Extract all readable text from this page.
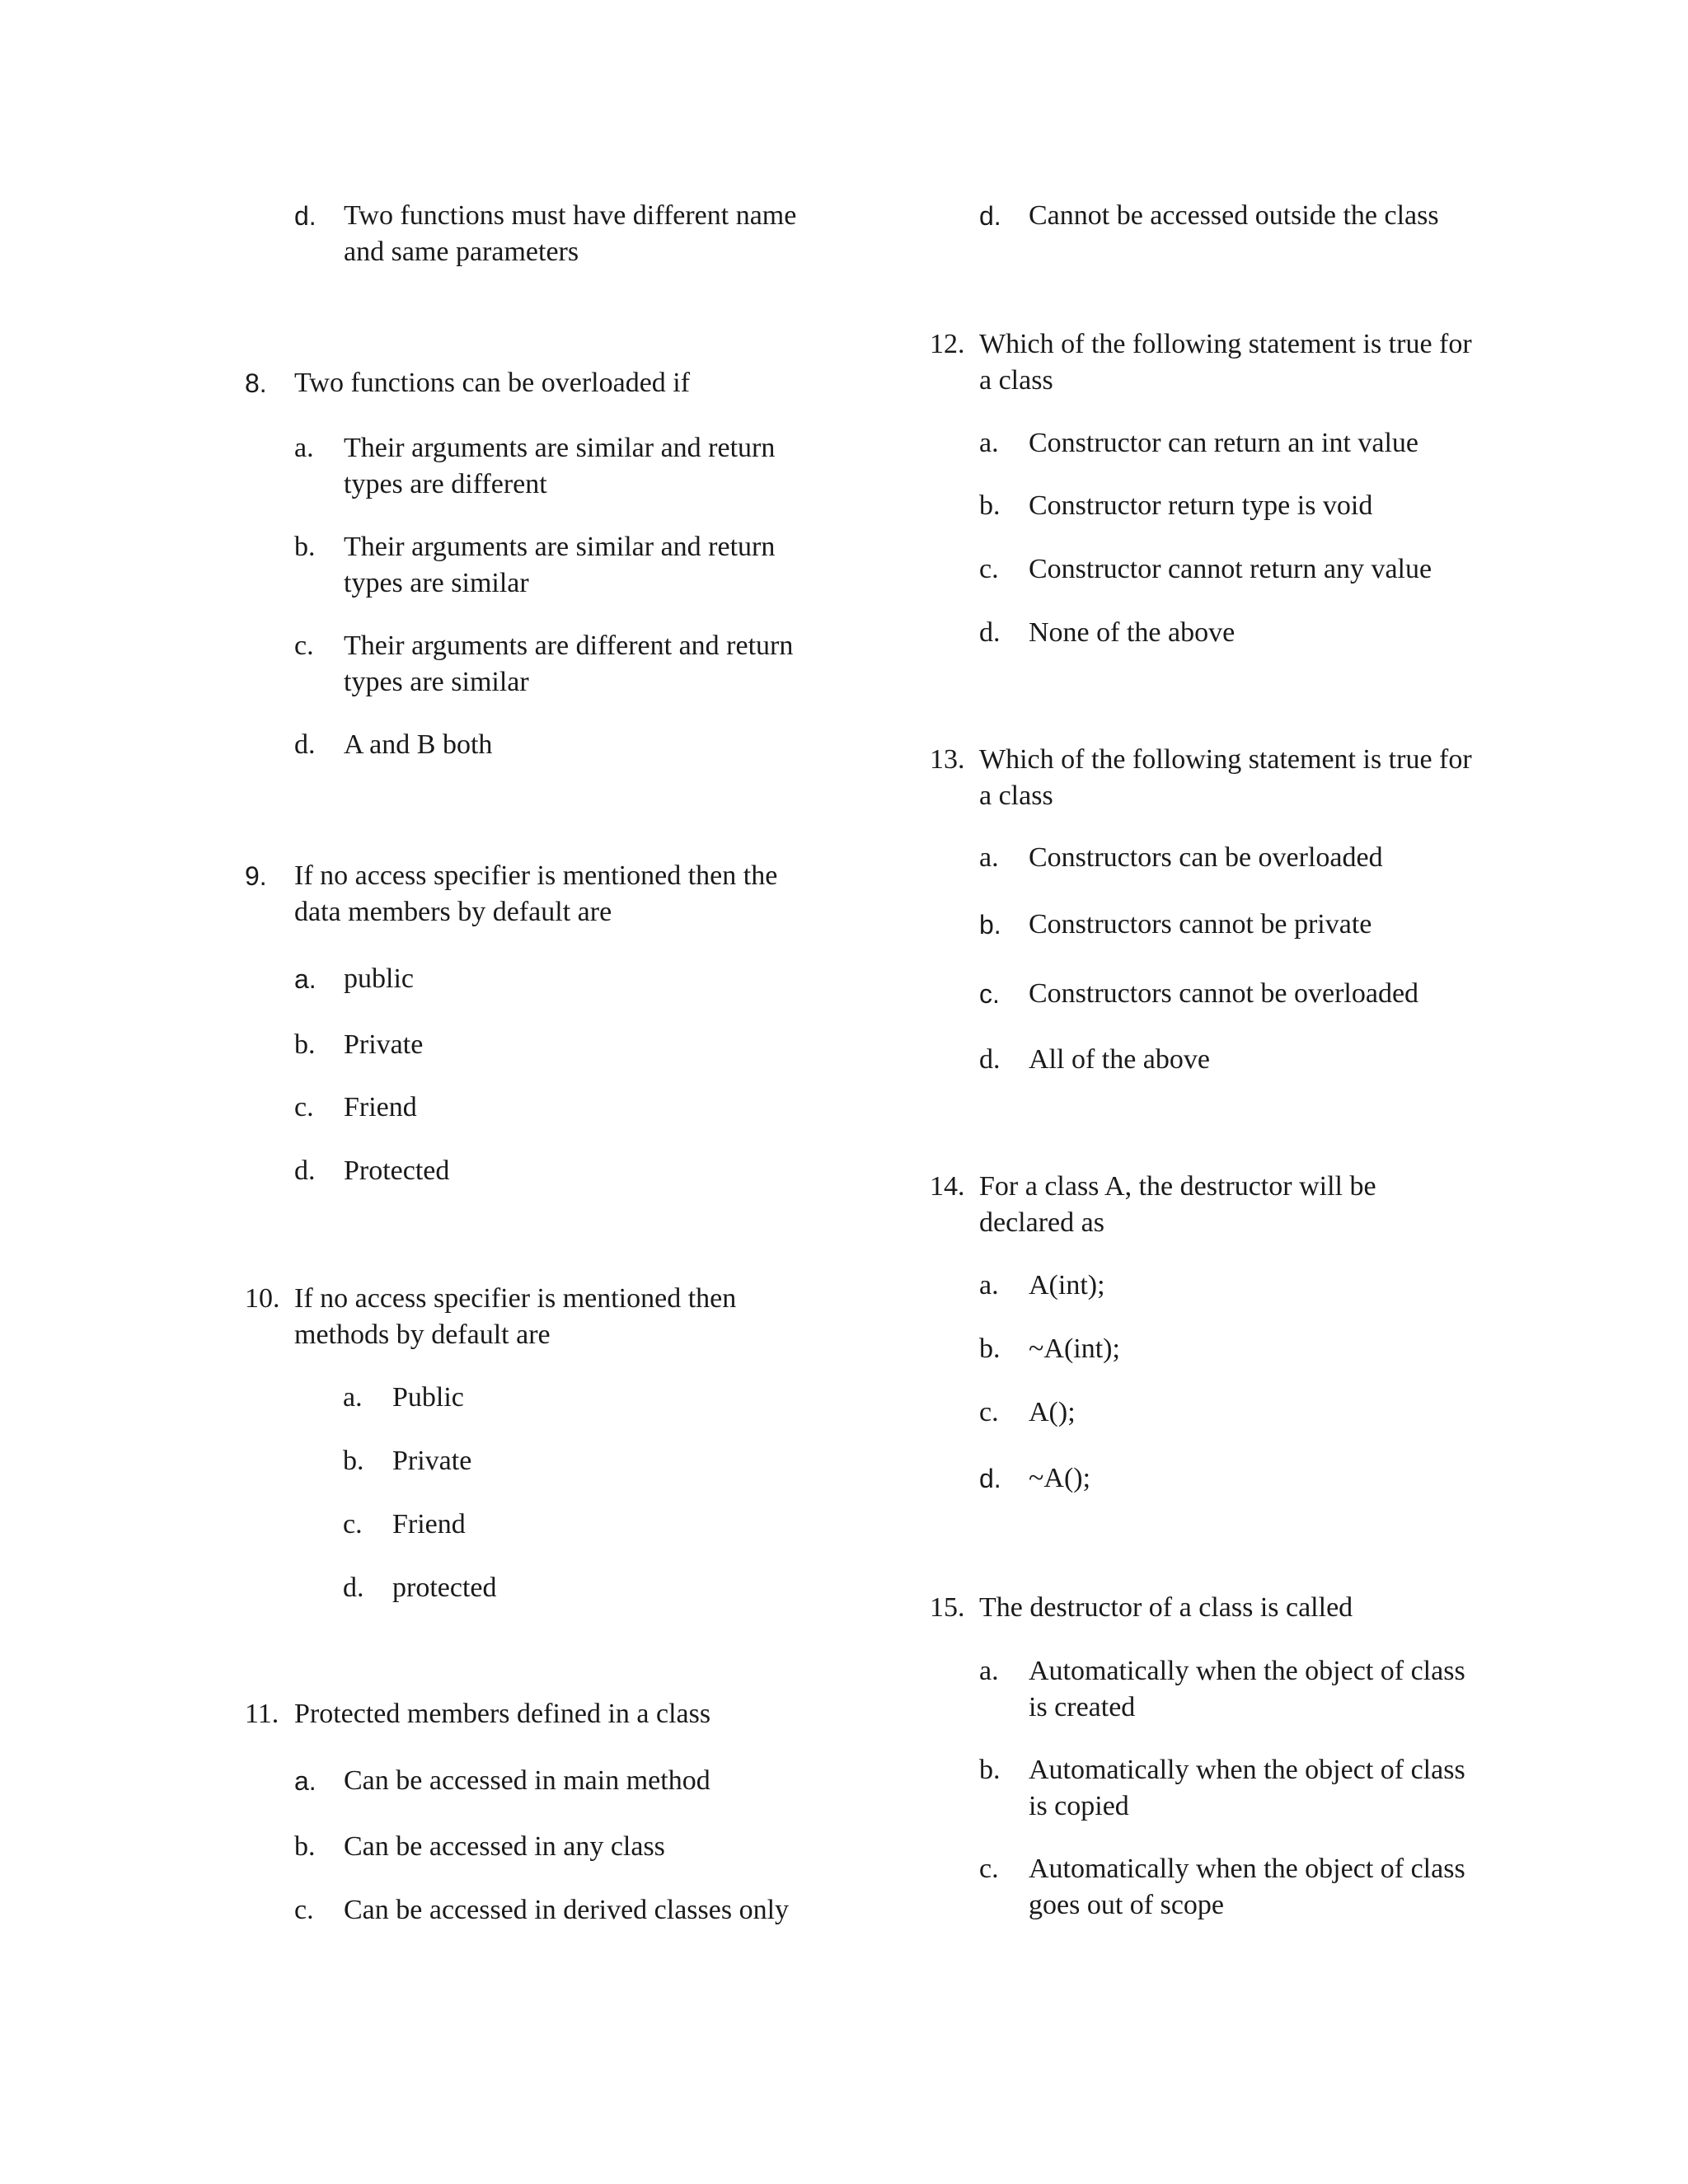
d. Two functions must have different name and same parameters
8. Two functions can be overloaded if
a. Their arguments are similar and return types are different
b. Their arguments are similar and return types are similar
c. Their arguments are different and return types are similar
d. A and B both
9. If no access specifier is mentioned then the data members by default are
a. public
b. Private
c. Friend
d. Protected
10. If no access specifier is mentioned then methods by default are
a. Public
b. Private
c. Friend
d. protected
11. Protected members defined in a class
a. Can be accessed in main method
b. Can be accessed in any class
c. Can be accessed in derived classes only
d. Cannot be accessed outside the class
12. Which of the following statement is true for a class
a. Constructor can return an int value
b. Constructor return type is void
c. Constructor cannot return any value
d. None of the above
13. Which of the following statement is true for a class
a. Constructors can be overloaded
b. Constructors cannot be private
c. Constructors cannot be overloaded
d. All of the above
14. For a class A, the destructor will be declared as
a. A(int);
b. ~A(int);
c. A();
d. ~A();
15. The destructor of a class is called
a. Automatically when the object of class is created
b. Automatically when the object of class is copied
c. Automatically when the object of class goes out of scope
